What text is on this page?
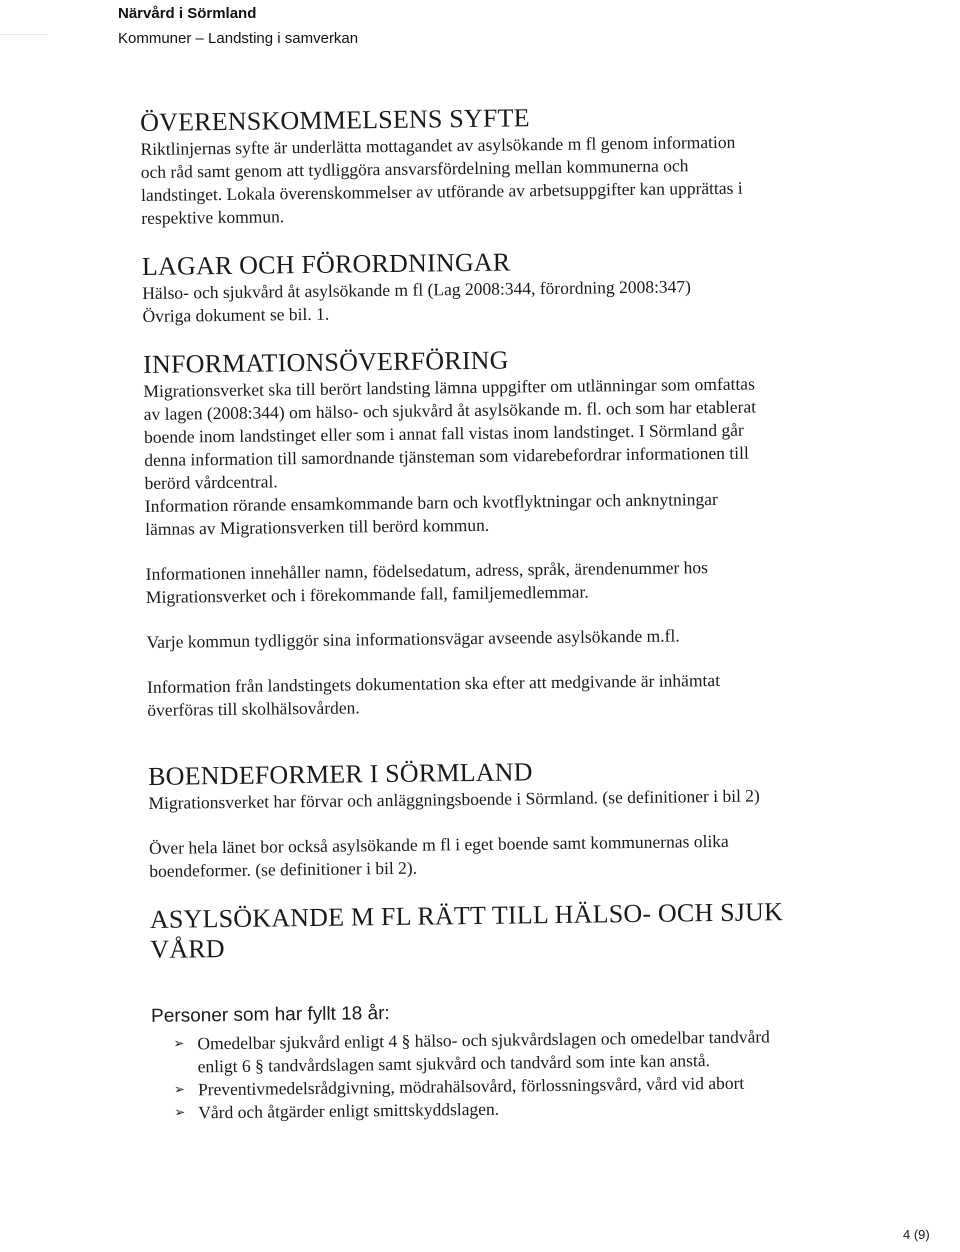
Närvård i Sörmland
Kommuner – Landsting i samverkan
ÖVERENSKOMMELSENS SYFTE

Riktlinjernas syfte är underlätta mottagandet av asylsökande m fl genom information

och råd samt genom att tydliggöra ansvarsfördelning mellan kommunerna och

landstinget. Lokala överenskommelser av utförande av arbetsuppgifter kan upprättas i

respektive kommun.

LAGAR OCH FÖRORDNINGAR

Hälso- och sjukvård åt asylsökande m fl (Lag 2008:344, förordning 2008:347)

Övriga dokument se bil. 1.

INFORMATIONSÖVERFÖRING

Migrationsverket ska till berört landsting lämna uppgifter om utlänningar som omfattas

av lagen (2008:344) om hälso- och sjukvård åt asylsökande m. fl. och som har etablerat

boende inom landstinget eller som i annat fall vistas inom landstinget. I Sörmland går

denna information till samordnande tjänsteman som vidarebefordrar informationen till

berörd vårdcentral.

Information rörande ensamkommande barn och kvotflyktningar och anknytningar

lämnas av Migrationsverken till berörd kommun.

Informationen innehåller namn, födelsedatum, adress, språk, ärendenummer hos

Migrationsverket och i förekommande fall, familjemedlemmar.

Varje kommun tydliggör sina informationsvägar avseende asylsökande m.fl.

Information från landstingets dokumentation ska efter att medgivande är inhämtat

överföras till skolhälsovården.

BOENDEFORMER I SÖRMLAND

Migrationsverket har förvar och anläggningsboende i Sörmland. (se definitioner i bil 2)

Över hela länet bor också asylsökande m fl i eget boende samt kommunernas olika

boendeformer. (se definitioner i bil 2).

ASYLSÖKANDE M FL RÄTT TILL HÄLSO- OCH SJUK
VÅRD

Personer som har fyllt 18 år:

➢ Omedelbar sjukvård enligt 4 § hälso- och sjukvårdslagen och omedelbar tandvård
enligt 6 § tandvårdslagen samt sjukvård och tandvård som inte kan anstå.
➢ Preventivmedelsrådgivning, mödrahälsovård, förlossningsvård, vård vid abort
➢ Vård och åtgärder enligt smittskyddslagen.
4 (9)
